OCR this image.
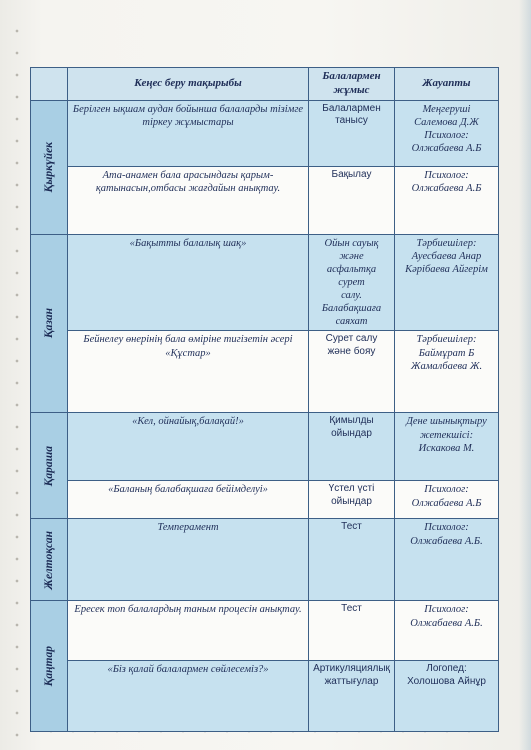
	Кеңес беру тақырыбы	Балалармен
жұмыс	Жауапты

Қыркүйек	Берілген ықшам аудан бойынша балаларды тізімге тіркеу жұмыстары	Балалармен танысу	Меңгеруші
Салемова Д.Ж
Психолог:
Олжабаева А.Б

	Ата-анамен бала арасындағы қарым-қатынасын,отбасы жағдайын анықтау.	Бақылау	Психолог:
Олжабаева А.Б

Қазан	«Бақытты балалық шақ»	Ойын сауық және
асфальтқа сурет
салу.
Балабақшаға
саяхат	Тәрбиешілер:
Ауесбаева Анар
Кәрібаева Айгерім

	Бейнелеу өнерінің бала өміріне тигізетін әсері «Құстар»	Сурет салу және бояу	Тәрбиешілер:
Баймұрат Б
Жамалбаева Ж.

Қараша	«Кел, ойнайық,балақай!»	Қимылды ойындар	Дене шынықтыру
жетекшісі:
Искакова М.

	«Баланың балабақшаға бейімделуі»	Үстел үсті ойындар	Психолог:
Олжабаева А.Б

Желтоқсан	Темперамент	Тест	Психолог:
Олжабаева А.Б.

Қаңтар	Ересек топ балалардың таным процесін анықтау.	Тест	Психолог:
Олжабаева А.Б.

	«Біз қалай балалармен сөйлесеміз?»	Артикуляциялық жаттығулар	Логопед:
Холошова Айнұр
